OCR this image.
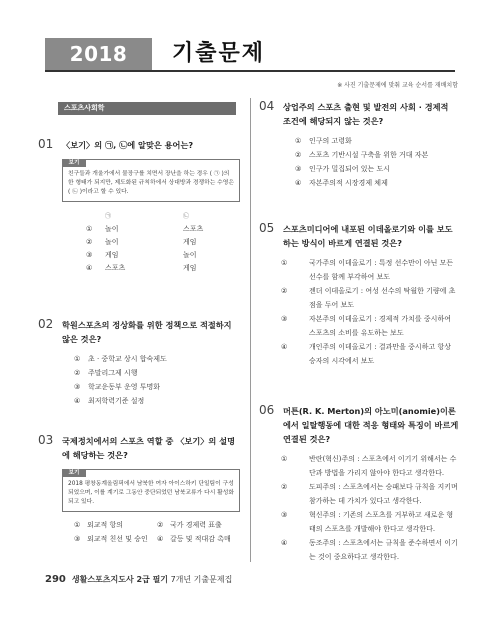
2018	기출문제
※ 사진 기출문제에 맞춰 교육 순서를 재배치함
스포츠사회학
01 〈보기〉의 ㉠, ㉡에 알맞은 용어는?
보기
친구들과 개울가에서 물장구를 치면서 장난을 하는 경우 ( ㉠ )의 한 형태가 되지만, 제도화된 규칙하에서 상대방과 경쟁하는 수영은 ( ㉡ )이라고 할 수 있다.
㉠	㉡
①	놀이	스포츠
②	놀이	게임
③	게임	놀이
④	스포츠	게임
02 학원스포츠의 정상화를 위한 정책으로 적절하지 않은 것은?
① 초 · 중학교 상시 합숙제도
② 주말리그제 시행
③ 학교운동부 운영 투명화
④ 최저학력기준 설정
03 국제정치에서의 스포츠 역할 중 〈보기〉의 설명에 해당하는 것은?
보기
2018 평창동계올림픽에서 남북한 여자 아이스하키 단일팀이 구성되었으며, 이를 계기로 그동안 중단되었던 남북교류가 다시 활성화되고 있다.
① 외교적 항의	② 국가 경제력 표출
③ 외교적 친선 및 승인	④ 갈등 및 적대감 촉매
04 상업주의 스포츠 출현 및 발전의 사회 · 경제적 조건에 해당되지 않는 것은?
① 인구의 고령화
② 스포츠 기반시설 구축을 위한 거대 자본
③ 인구가 밀집되어 있는 도시
④ 자본주의적 시장경제 체제
05 스포츠미디어에 내포된 이데올로기와 이를 보도하는 방식이 바르게 연결된 것은?
①	국가주의 이데올로기 : 특정 선수만이 아닌 모든 선수를 함께 부각하여 보도
②	젠더 이데올로기 : 여성 선수의 탁월한 기량에 초점을 두어 보도
③	자본주의 이데올로기 : 경제적 가치를 중시하여 스포츠의 소비를 유도하는 보도
④	개인주의 이데올로기 : 결과만을 중시하고 항상 승자의 시각에서 보도
06 머튼(R. K. Merton)의 아노미(anomie)이론에서 일탈행동에 대한 적응 형태와 특징이 바르게 연결된 것은?
①	반란(혁신)주의 : 스포츠에서 이기기 위해서는 수단과 방법을 가리지 않아야 한다고 생각한다.
②	도피주의 : 스포츠에서는 승패보다 규칙을 지키며 참가하는 데 가치가 있다고 생각한다.
③	혁신주의 : 기존의 스포츠를 거부하고 새로운 형태의 스포츠를 개발해야 한다고 생각한다.
④	동조주의 : 스포츠에서는 규칙을 준수하면서 이기는 것이 중요하다고 생각한다.
290 생활스포츠지도사 2급 필기 7개년 기출문제집
